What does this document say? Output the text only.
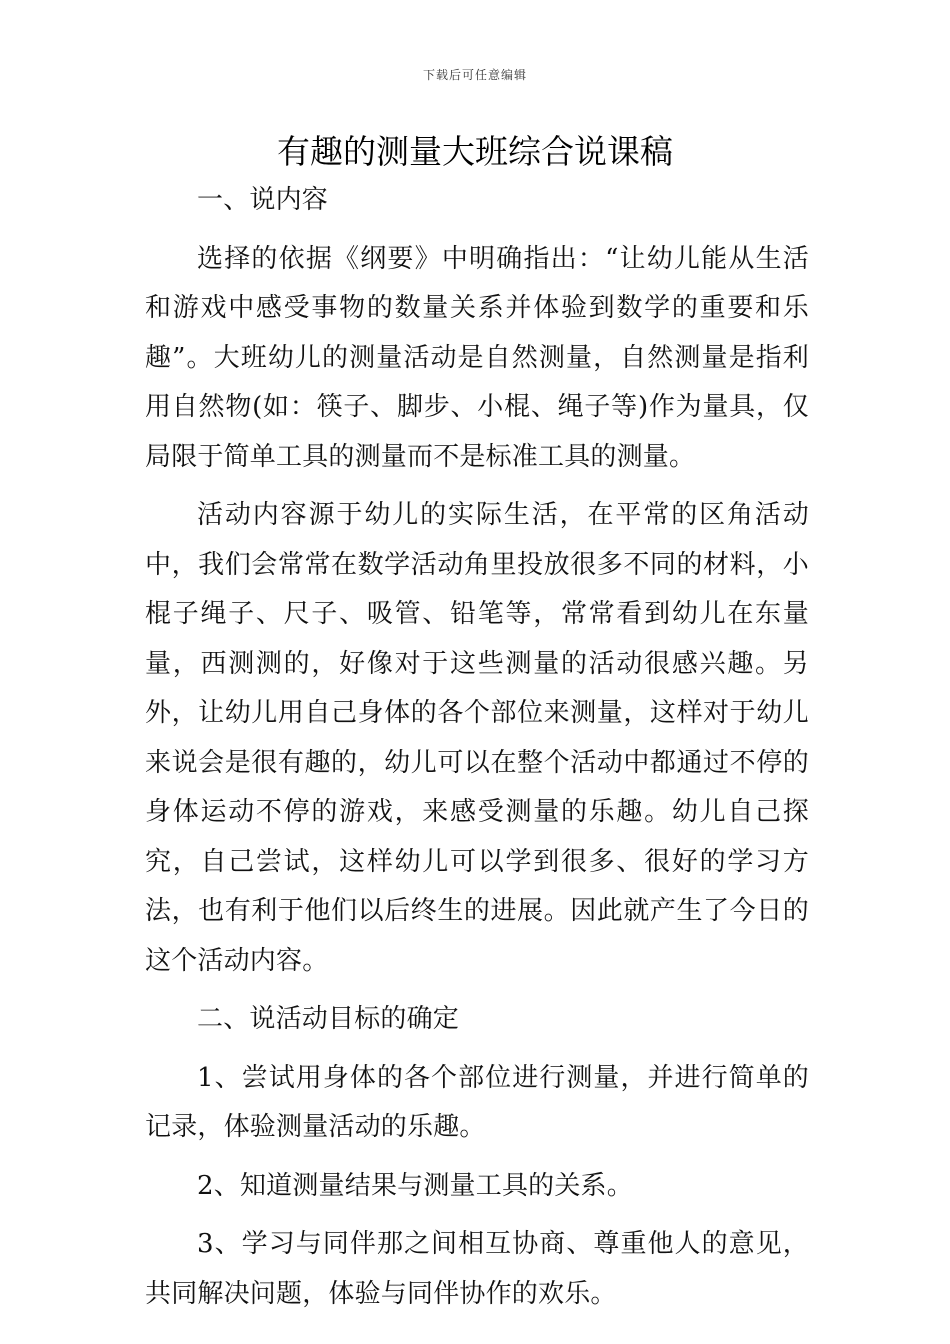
下载后可任意编辑
有趣的测量大班综合说课稿

一、说内容

选择的依据《纲要》中明确指出：“让幼儿能从生活和游戏中感受事物的数量关系并体验到数学的重要和乐趣”。大班幼儿的测量活动是自然测量，自然测量是指利用自然物(如：筷子、脚步、小棍、绳子等)作为量具，仅局限于简单工具的测量而不是标准工具的测量。

活动内容源于幼儿的实际生活，在平常的区角活动中，我们会常常在数学活动角里投放很多不同的材料，小棍子绳子、尺子、吸管、铅笔等，常常看到幼儿在东量量，西测测的，好像对于这些测量的活动很感兴趣。另外，让幼儿用自己身体的各个部位来测量，这样对于幼儿来说会是很有趣的，幼儿可以在整个活动中都通过不停的身体运动不停的游戏，来感受测量的乐趣。幼儿自己探究，自己尝试，这样幼儿可以学到很多、很好的学习方法，也有利于他们以后终生的进展。因此就产生了今日的这个活动内容。

二、说活动目标的确定

1、尝试用身体的各个部位进行测量，并进行简单的记录，体验测量活动的乐趣。

2、知道测量结果与测量工具的关系。

3、学习与同伴那之间相互协商、尊重他人的意见，共同解决问题，体验与同伴协作的欢乐。
